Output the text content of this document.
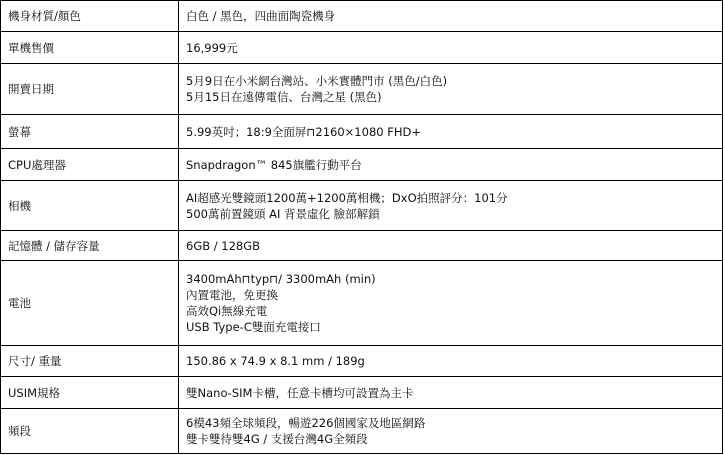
機身材質/顏色	白色 / 黑色，四曲面陶瓷機身

單機售價	16,999元

開賣日期	5月9日在小米網台灣站、小米實體門市 (黑色/白色)
5月15日在遠傳電信、台灣之星 (黑色)

螢幕	5.99英吋；18:9全面屏⊓2160×1080 FHD+

CPU處理器	Snapdragon™ 845旗艦行動平台

相機	AI超感光雙鏡頭1200萬+1200萬相機；DxO拍照評分：101分
500萬前置鏡頭 AI 背景虛化 臉部解鎖

記憶體 / 儲存容量	6GB / 128GB

電池	3400mAh⊓typ⊓/ 3300mAh (min)
內置電池，免更換
高效Qi無線充電
USB Type-C雙面充電接口

尺寸/ 重量	150.86 x 74.9 x 8.1 mm / 189g

USIM規格	雙Nano-SIM卡槽，任意卡槽均可設置為主卡

頻段	6模43頻全球頻段，暢遊226個國家及地區網路
雙卡雙待雙4G / 支援台灣4G全頻段
